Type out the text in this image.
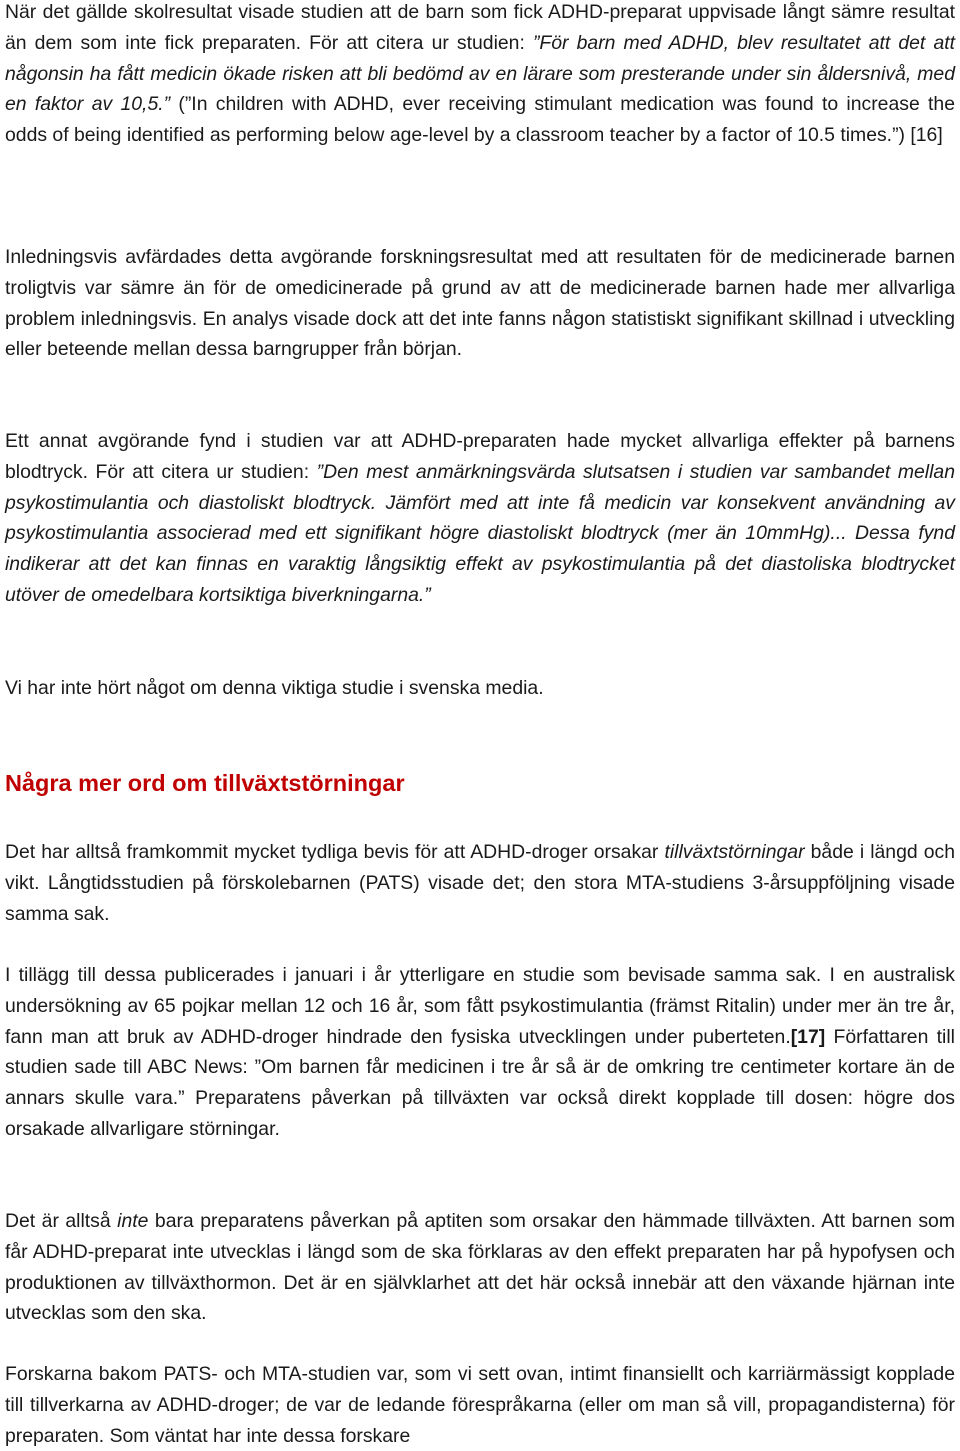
När det gällde skolresultat visade studien att de barn som fick ADHD-preparat uppvisade långt sämre resultat än dem som inte fick preparaten. För att citera ur studien: ”För barn med ADHD, blev resultatet att det att någonsin ha fått medicin ökade risken att bli bedömd av en lärare som presterande under sin åldersnivå, med en faktor av 10,5.” (”In children with ADHD, ever receiving stimulant medication was found to increase the odds of being identified as performing below age-level by a classroom teacher by a factor of 10.5 times.”) [16]

Inledningsvis avfärdades detta avgörande forskningsresultat med att resultaten för de medicinerade barnen troligtvis var sämre än för de omedicinerade på grund av att de medicinerade barnen hade mer allvarliga problem inledningsvis. En analys visade dock att det inte fanns någon statistiskt signifikant skillnad i utveckling eller beteende mellan dessa barngrupper från början.

Ett annat avgörande fynd i studien var att ADHD-preparaten hade mycket allvarliga effekter på barnens blodtryck. För att citera ur studien: ”Den mest anmärkningsvärda slutsatsen i studien var sambandet mellan psykostimulantia och diastoliskt blodtryck. Jämfört med att inte få medicin var konsekvent användning av psykostimulantia associerad med ett signifikant högre diastoliskt blodtryck (mer än 10mmHg)... Dessa fynd indikerar att det kan finnas en varaktig långsiktig effekt av psykostimulantia på det diastoliska blodtrycket utöver de omedelbara kortsiktiga biverkningarna.”

Vi har inte hört något om denna viktiga studie i svenska media.

Några mer ord om tillväxtstörningar

Det har alltså framkommit mycket tydliga bevis för att ADHD-droger orsakar tillväxtstörningar både i längd och vikt. Långtidsstudien på förskolebarnen (PATS) visade det; den stora MTA-studiens 3-årsuppföljning visade samma sak.

I tillägg till dessa publicerades i januari i år ytterligare en studie som bevisade samma sak. I en australisk undersökning av 65 pojkar mellan 12 och 16 år, som fått psykostimulantia (främst Ritalin) under mer än tre år, fann man att bruk av ADHD-droger hindrade den fysiska utvecklingen under puberteten.[17] Författaren till studien sade till ABC News: ”Om barnen får medicinen i tre år så är de omkring tre centimeter kortare än de annars skulle vara.” Preparatens påverkan på tillväxten var också direkt kopplade till dosen: högre dos orsakade allvarligare störningar.

Det är alltså inte bara preparatens påverkan på aptiten som orsakar den hämmade tillväxten. Att barnen som får ADHD-preparat inte utvecklas i längd som de ska förklaras av den effekt preparaten har på hypofysen och produktionen av tillväxthormon. Det är en självklarhet att det här också innebär att den växande hjärnan inte utvecklas som den ska.

Forskarna bakom PATS- och MTA-studien var, som vi sett ovan, intimt finansiellt och karriärmässigt kopplade till tillverkarna av ADHD-droger; de var de ledande förespråkarna (eller om man så vill, propagandisterna) för preparaten. Som väntat har inte dessa forskare
